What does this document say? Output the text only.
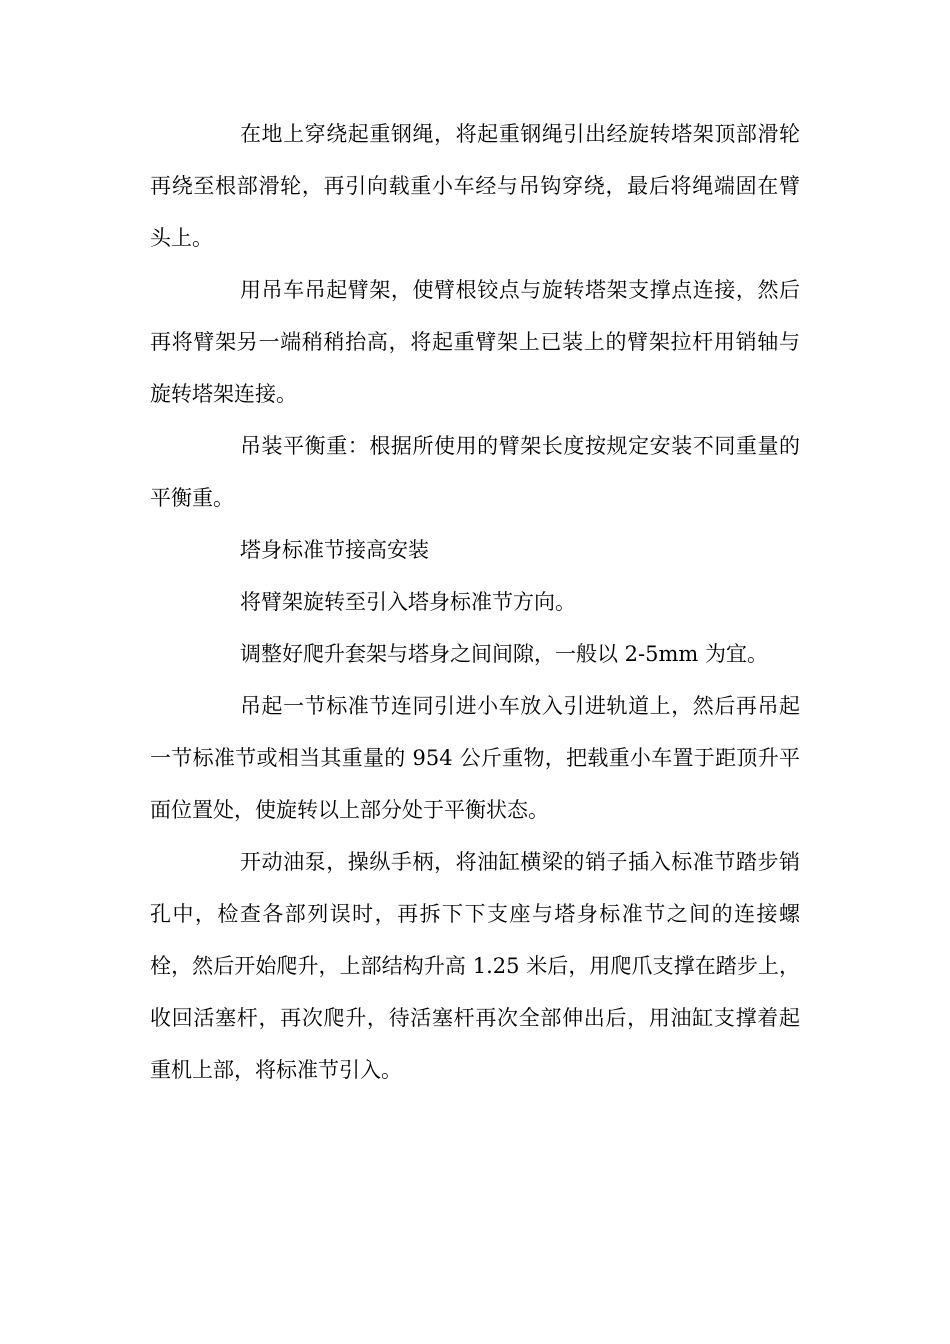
在地上穿绕起重钢绳，将起重钢绳引出经旋转塔架顶部滑轮再绕至根部滑轮，再引向载重小车经与吊钩穿绕，最后将绳端固在臂头上。

用吊车吊起臂架，使臂根铰点与旋转塔架支撑点连接，然后再将臂架另一端稍稍抬高，将起重臂架上已装上的臂架拉杆用销轴与旋转塔架连接。

吊装平衡重：根据所使用的臂架长度按规定安装不同重量的平衡重。

塔身标准节接高安装

将臂架旋转至引入塔身标准节方向。

调整好爬升套架与塔身之间间隙，一般以 2-5mm 为宜。

吊起一节标准节连同引进小车放入引进轨道上，然后再吊起一节标准节或相当其重量的 954 公斤重物，把载重小车置于距顶升平面位置处，使旋转以上部分处于平衡状态。

开动油泵，操纵手柄，将油缸横梁的销子插入标准节踏步销孔中，检查各部列误时，再拆下下支座与塔身标准节之间的连接螺栓，然后开始爬升，上部结构升高 1.25 米后，用爬爪支撑在踏步上，收回活塞杆，再次爬升，待活塞杆再次全部伸出后，用油缸支撑着起重机上部，将标准节引入。
